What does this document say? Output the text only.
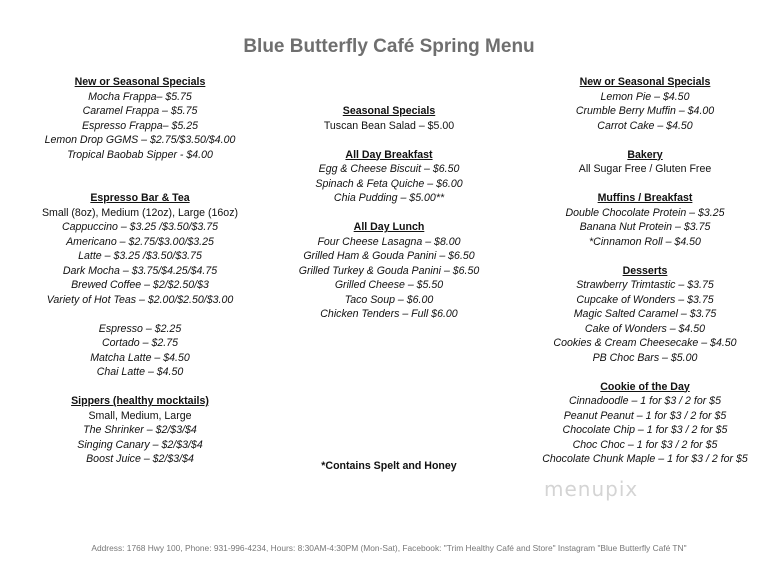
Blue Butterfly Café Spring Menu
New or Seasonal Specials
Mocha Frappa– $5.75
Caramel Frappa – $5.75
Espresso Frappa– $5.25
Lemon Drop GGMS – $2.75/$3.50/$4.00
Tropical Baobab Sipper - $4.00
Espresso Bar & Tea
Small (8oz), Medium (12oz), Large (16oz)
Cappuccino – $3.25 /$3.50/$3.75
Americano – $2.75/$3.00/$3.25
Latte – $3.25 /$3.50/$3.75
Dark Mocha – $3.75/$4.25/$4.75
Brewed Coffee – $2/$2.50/$3
Variety of Hot Teas – $2.00/$2.50/$3.00
Espresso – $2.25
Cortado – $2.75
Matcha Latte – $4.50
Chai Latte – $4.50
Sippers (healthy mocktails)
Small, Medium, Large
The Shrinker – $2/$3/$4
Singing Canary – $2/$3/$4
Boost Juice – $2/$3/$4
Seasonal Specials
Tuscan Bean Salad – $5.00
All Day Breakfast
Egg & Cheese Biscuit – $6.50
Spinach & Feta Quiche – $6.00
Chia Pudding – $5.00**
All Day Lunch
Four Cheese Lasagna – $8.00
Grilled Ham & Gouda Panini – $6.50
Grilled Turkey & Gouda Panini – $6.50
Grilled Cheese – $5.50
Taco Soup – $6.00
Chicken Tenders – Full $6.00
*Contains Spelt and Honey
New or Seasonal Specials
Lemon Pie – $4.50
Crumble Berry Muffin – $4.00
Carrot Cake – $4.50
Bakery
All Sugar Free / Gluten Free
Muffins / Breakfast
Double Chocolate Protein – $3.25
Banana Nut Protein – $3.75
*Cinnamon Roll – $4.50
Desserts
Strawberry Trimtastic – $3.75
Cupcake of Wonders – $3.75
Magic Salted Caramel – $3.75
Cake of Wonders – $4.50
Cookies & Cream Cheesecake – $4.50
PB Choc Bars – $5.00
Cookie of the Day
Cinnadoodle – 1 for $3 / 2 for $5
Peanut Peanut – 1 for $3 / 2 for $5
Chocolate Chip – 1 for $3 / 2 for $5
Choc Choc – 1 for $3 / 2 for $5
Chocolate Chunk Maple – 1 for $3 / 2 for $5
menupix
Address: 1768 Hwy 100, Phone: 931-996-4234, Hours: 8:30AM-4:30PM (Mon-Sat), Facebook: "Trim Healthy Café and Store" Instagram "Blue Butterfly Café TN"
